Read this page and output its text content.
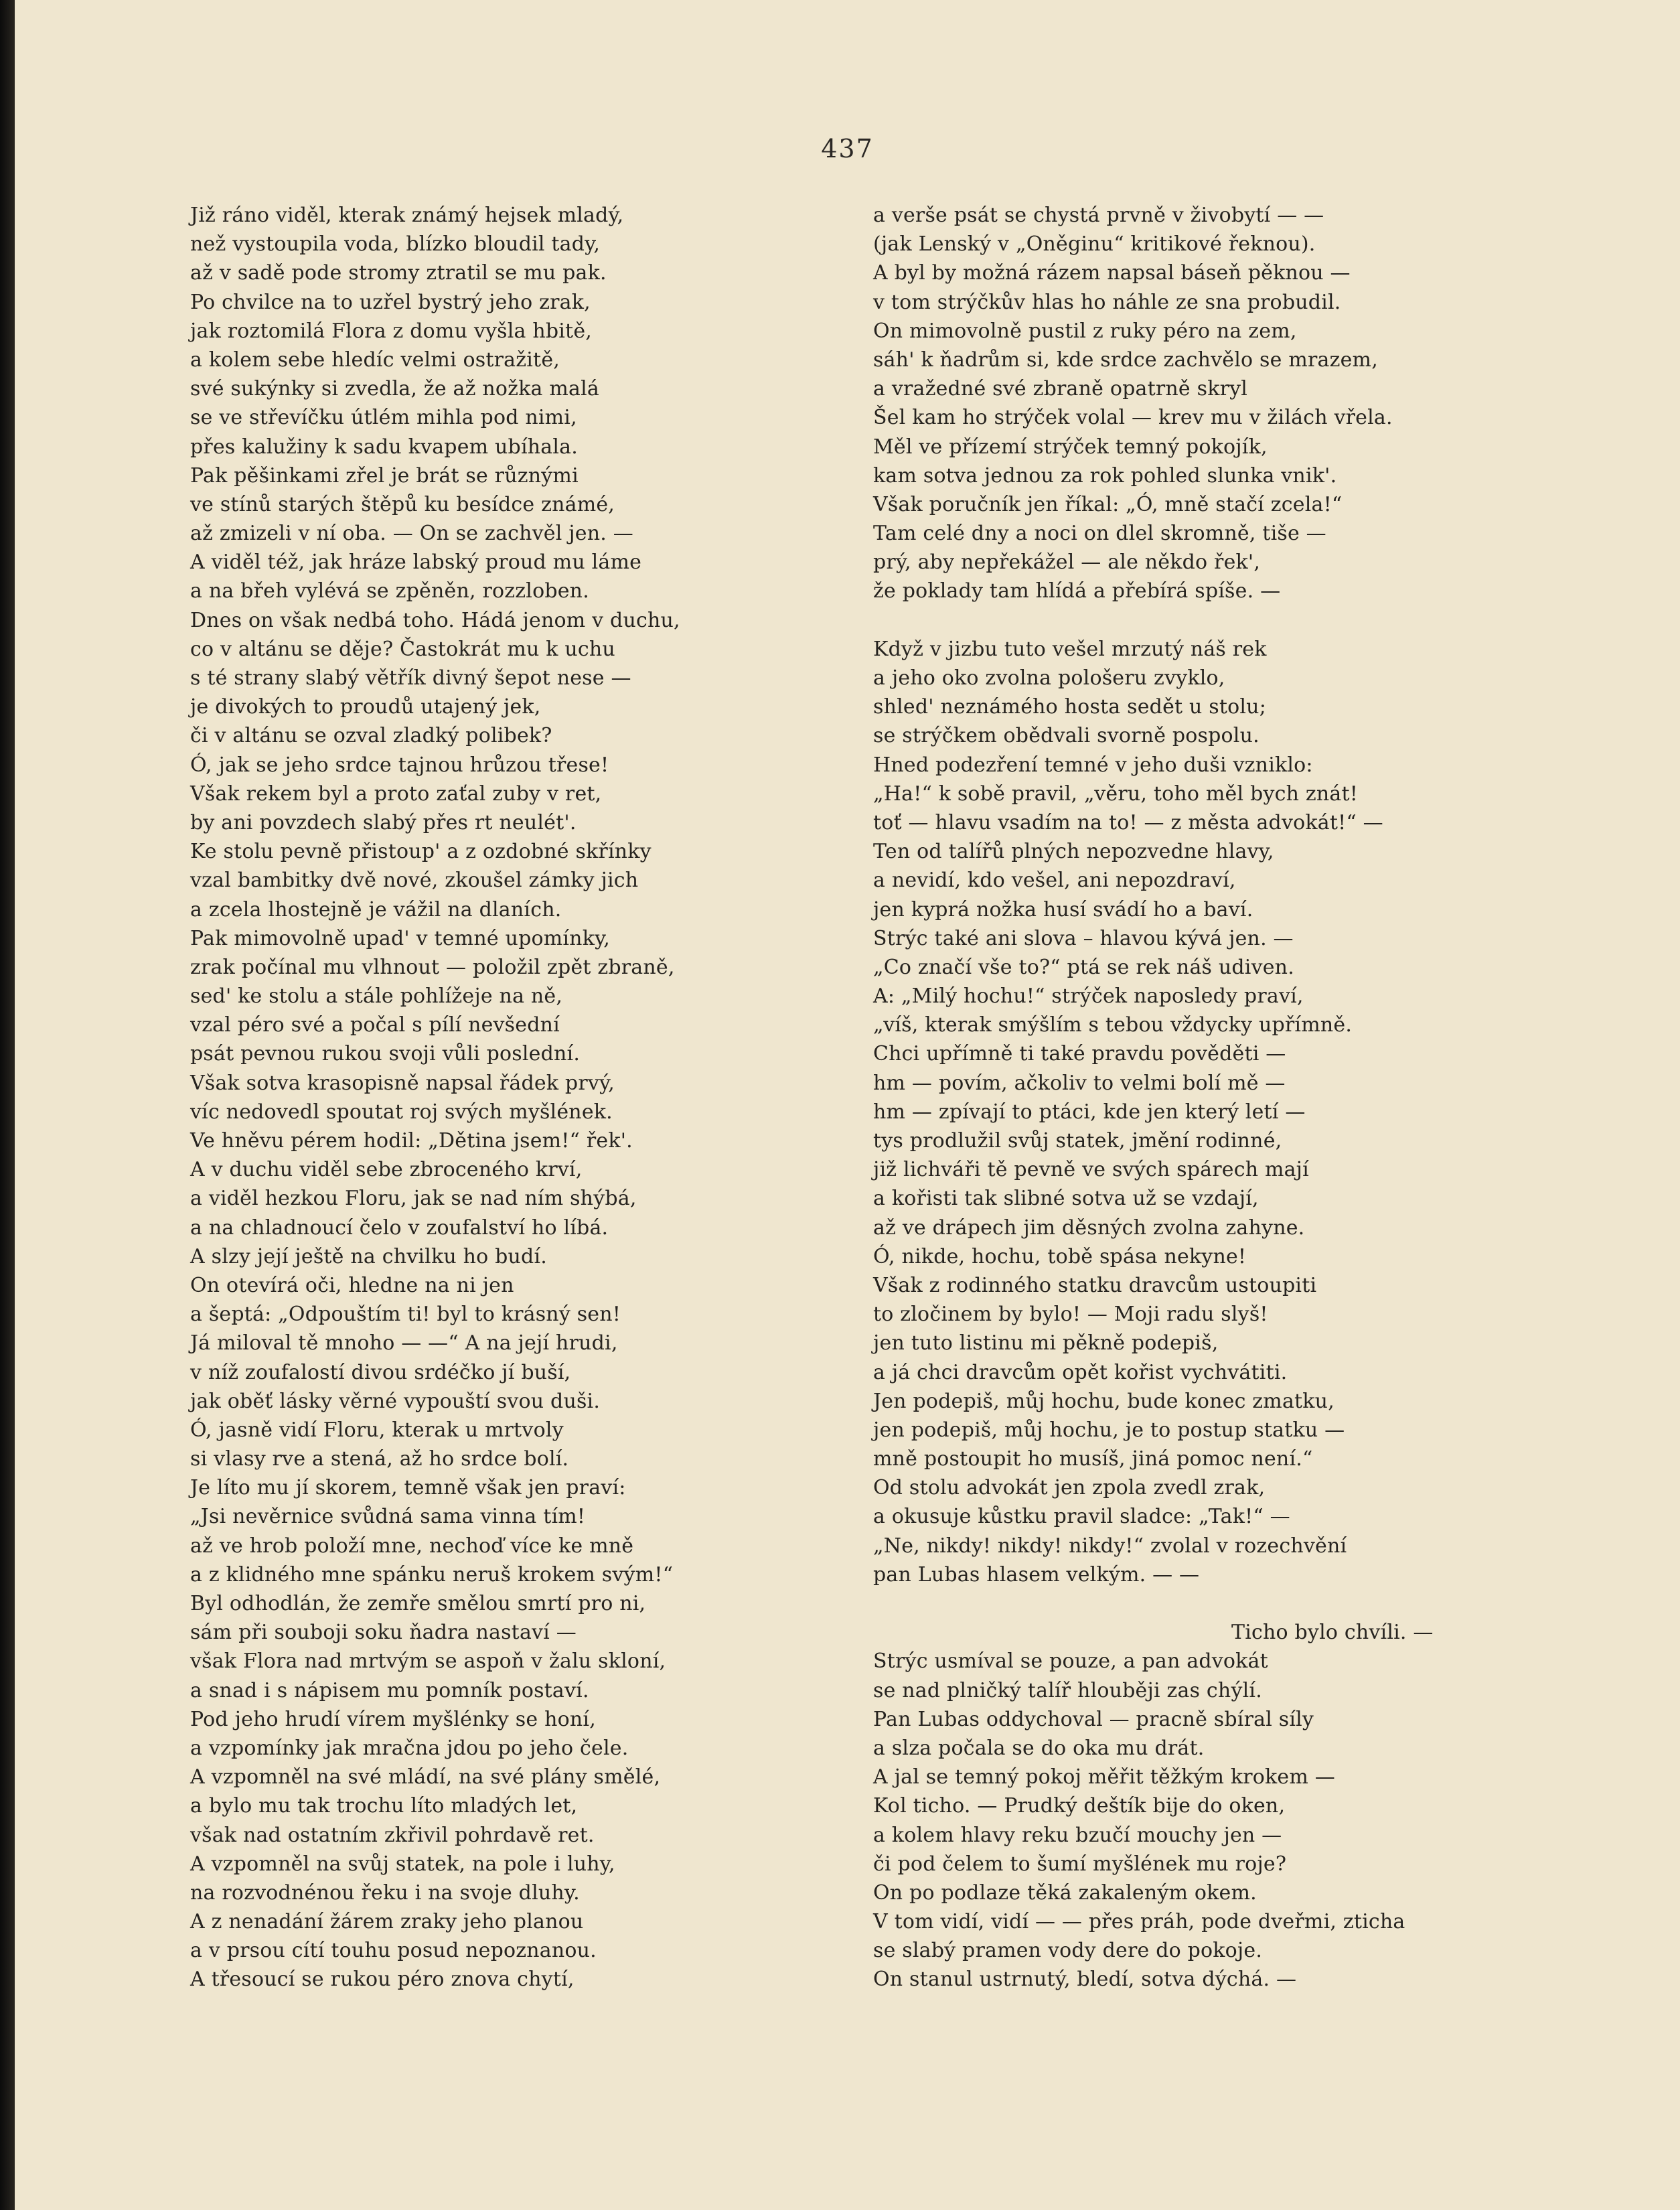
437
Již ráno viděl, kterak známý hejsek mladý,
než vystoupila voda, blízko bloudil tady,
až v sadě pode stromy ztratil se mu pak.
Po chvilce na to uzřel bystrý jeho zrak,
jak roztomilá Flora z domu vyšla hbitě,
a kolem sebe hledíc velmi ostražitě,
své sukýnky si zvedla, že až nožka malá
se ve střevíčku útlém mihla pod nimi,
přes kalužiny k sadu kvapem ubíhala.
Pak pěšinkami zřel je brát se různými
ve stínů starých štěpů ku besídce známé,
až zmizeli v ní oba. — On se zachvěl jen. —
A viděl též, jak hráze labský proud mu láme
a na břeh vylévá se zpěněn, rozzloben.
Dnes on však nedbá toho. Hádá jenom v duchu,
co v altánu se děje? Častokrát mu k uchu
s té strany slabý větřík divný šepot nese —
je divokých to proudů utajený jek,
či v altánu se ozval zladký polibek?
Ó, jak se jeho srdce tajnou hrůzou třese!
Však rekem byl a proto zaťal zuby v ret,
by ani povzdech slabý přes rt neulét'.
Ke stolu pevně přistoup' a z ozdobné skřínky
vzal bambitky dvě nové, zkoušel zámky jich
a zcela lhostejně je vážil na dlaních.
Pak mimovolně upad' v temné upomínky,
zrak počínal mu vlhnout — položil zpět zbraně,
sed' ke stolu a stále pohlížeje na ně,
vzal péro své a počal s pílí nevšední
psát pevnou rukou svoji vůli poslední.
Však sotva krasopisně napsal řádek prvý,
víc nedovedl spoutat roj svých myšlének.
Ve hněvu pérem hodil: „Dětina jsem!“ řek'.
A v duchu viděl sebe zbroceného krví,
a viděl hezkou Floru, jak se nad ním shýbá,
a na chladnoucí čelo v zoufalství ho líbá.
A slzy její ještě na chvilku ho budí.
On otevírá oči, hledne na ni jen
a šeptá: „Odpouštím ti! byl to krásný sen!
Já miloval tě mnoho — —“ A na její hrudi,
v níž zoufalostí divou srdéčko jí buší,
jak oběť lásky věrné vypouští svou duši.
Ó, jasně vidí Floru, kterak u mrtvoly
si vlasy rve a stená, až ho srdce bolí.
Je líto mu jí skorem, temně však jen praví:
„Jsi nevěrnice svůdná sama vinna tím!
až ve hrob položí mne, nechoď více ke mně
a z klidného mne spánku neruš krokem svým!“
Byl odhodlán, že zemře smělou smrtí pro ni,
sám při souboji soku ňadra nastaví —
však Flora nad mrtvým se aspoň v žalu skloní,
a snad i s nápisem mu pomník postaví.
Pod jeho hrudí vírem myšlénky se honí,
a vzpomínky jak mračna jdou po jeho čele.
A vzpomněl na své mládí, na své plány smělé,
a bylo mu tak trochu líto mladých let,
však nad ostatním zkřivil pohrdavě ret.
A vzpomněl na svůj statek, na pole i luhy,
na rozvodnénou řeku i na svoje dluhy.
A z nenadání žárem zraky jeho planou
a v prsou cítí touhu posud nepoznanou.
A třesoucí se rukou péro znova chytí,
a verše psát se chystá prvně v živobytí — —
(jak Lenský v „Oněginu“ kritikové řeknou).
A byl by možná rázem napsal báseň pěknou —
v tom strýčkův hlas ho náhle ze sna probudil.
On mimovolně pustil z ruky péro na zem,
sáh' k ňadrům si, kde srdce zachvělo se mrazem,
a vražedné své zbraně opatrně skryl
Šel kam ho strýček volal — krev mu v žilách vřela.
Měl ve přízemí strýček temný pokojík,
kam sotva jednou za rok pohled slunka vnik'.
Však poručník jen říkal: „Ó, mně stačí zcela!“
Tam celé dny a noci on dlel skromně, tiše —
prý, aby nepřekážel — ale někdo řek',
že poklady tam hlídá a přebírá spíše. —
Když v jizbu tuto vešel mrzutý náš rek
a jeho oko zvolna pološeru zvyklo,
shled' neznámého hosta sedět u stolu;
se strýčkem obědvali svorně pospolu.
Hned podezření temné v jeho duši vzniklo:
„Ha!“ k sobě pravil, „věru, toho měl bych znát!
toť — hlavu vsadím na to! — z města advokát!“ —
Ten od talířů plných nepozvedne hlavy,
a nevidí, kdo vešel, ani nepozdraví,
jen kyprá nožka husí svádí ho a baví.
Strýc také ani slova – hlavou kývá jen. —
„Co značí vše to?“ ptá se rek náš udiven.
A: „Milý hochu!“ strýček naposledy praví,
„víš, kterak smýšlím s tebou vždycky upřímně.
Chci upřímně ti také pravdu pověděti —
hm — povím, ačkoliv to velmi bolí mě —
hm — zpívají to ptáci, kde jen který letí —
tys prodlužil svůj statek, jmění rodinné,
již lichváři tě pevně ve svých spárech mají
a kořisti tak slibné sotva už se vzdají,
až ve drápech jim děsných zvolna zahyne.
Ó, nikde, hochu, tobě spása nekyne!
Však z rodinného statku dravcům ustoupiti
to zločinem by bylo! — Moji radu slyš!
jen tuto listinu mi pěkně podepiš,
a já chci dravcům opět kořist vychvátiti.
Jen podepiš, můj hochu, bude konec zmatku,
jen podepiš, můj hochu, je to postup statku —
mně postoupit ho musíš, jiná pomoc není.“
Od stolu advokát jen zpola zvedl zrak,
a okusuje kůstku pravil sladce: „Tak!“ —
„Ne, nikdy! nikdy! nikdy!“ zvolal v rozechvění
pan Lubas hlasem velkým. — —
Ticho bylo chvíli. —
Strýc usmíval se pouze, a pan advokát
se nad plničký talíř hlouběji zas chýlí.
Pan Lubas oddychoval — pracně sbíral síly
a slza počala se do oka mu drát.
A jal se temný pokoj měřit těžkým krokem —
Kol ticho. — Prudký deštík bije do oken,
a kolem hlavy reku bzučí mouchy jen —
či pod čelem to šumí myšlének mu roje?
On po podlaze těká zakaleným okem.
V tom vidí, vidí — — přes práh, pode dveřmi, zticha
se slabý pramen vody dere do pokoje.
On stanul ustrnutý, bledí, sotva dýchá. —
